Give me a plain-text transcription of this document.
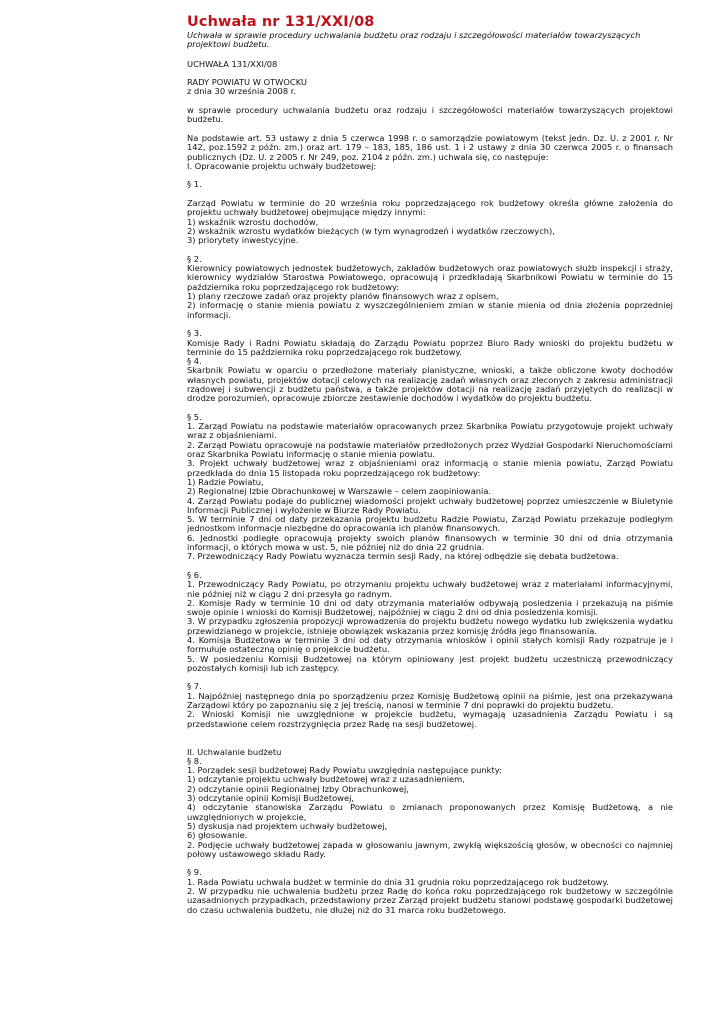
Uchwała nr 131/XXI/08

Uchwała w sprawie procedury uchwalania budżetu oraz rodzaju i szczegółowości materiałów towarzyszących projektowi budżetu.

UCHWAŁA 131/XXI/08

RADY POWIATU W OTWOCKU

z dnia 30 września 2008 r.

w sprawie procedury uchwalania budżetu oraz rodzaju i szczegółowości materiałów towarzyszących projektowi budżetu.

Na podstawie art. 53 ustawy z dnia 5 czerwca 1998 r. o samorządzie powiatowym (tekst jedn. Dz. U. z 2001 r. Nr 142, poz.1592 z późn. zm.) oraz art. 179 – 183, 185, 186 ust. 1 i 2 ustawy z dnia 30 czerwca 2005 r. o finansach publicznych (Dz. U. z 2005 r. Nr 249, poz. 2104 z późn. zm.) uchwala się, co następuje:

I. Opracowanie projektu uchwały budżetowej:

§ 1.

Zarząd Powiatu w terminie do 20 września roku poprzedzającego rok budżetowy określa główne założenia do projektu uchwały budżetowej obejmujące między innymi:

1) wskaźnik wzrostu dochodów,

2) wskaźnik wzrostu wydatków bieżących (w tym wynagrodzeń i wydatków rzeczowych),

3) priorytety inwestycyjne.

§ 2.

Kierownicy powiatowych jednostek budżetowych, zakładów budżetowych oraz powiatowych służb inspekcji i straży, kierownicy wydziałów Starostwa Powiatowego, opracowują i przedkładają Skarbnikowi Powiatu w terminie do 15 października roku poprzedzającego rok budżetowy:

1) plany rzeczowe zadań oraz projekty planów finansowych wraz z opisem,

2) informację o stanie mienia powiatu z wyszczególnieniem zmian w stanie mienia od dnia złożenia poprzedniej informacji.

§ 3.

Komisje Rady i Radni Powiatu składają do Zarządu Powiatu poprzez Biuro Rady wnioski do projektu budżetu w terminie do 15 października roku poprzedzającego rok budżetowy.

§ 4.

Skarbnik Powiatu w oparciu o przedłożone materiały planistyczne, wnioski, a także obliczone kwoty dochodów własnych powiatu, projektów dotacji celowych na realizację zadań własnych oraz zleconych z zakresu administracji rządowej i subwencji z budżetu państwa, a także projektów dotacji na realizację zadań przyjętych do realizacji w drodze porozumień, opracowuje zbiorcze zestawienie dochodów i wydatków do projektu budżetu.

§ 5.

1. Zarząd Powiatu na podstawie materiałów opracowanych przez Skarbnika Powiatu przygotowuje projekt uchwały wraz z objaśnieniami.

2. Zarząd Powiatu opracowuje na podstawie materiałów przedłożonych przez Wydział Gospodarki Nieruchomościami oraz Skarbnika Powiatu informację o stanie mienia powiatu.

3. Projekt uchwały budżetowej wraz z objaśnieniami oraz informacją o stanie mienia powiatu, Zarząd Powiatu przedkłada do dnia 15 listopada roku poprzedzającego rok budżetowy:

1) Radzie Powiatu,

2) Regionalnej Izbie Obrachunkowej w Warszawie – celem zaopiniowania.

4. Zarząd Powiatu podaje do publicznej wiadomości projekt uchwały budżetowej poprzez umieszczenie w Biuletynie Informacji Publicznej i wyłożenie w Biurze Rady Powiatu.

5. W terminie 7 dni od daty przekazania projektu budżetu Radzie Powiatu, Zarząd Powiatu przekazuje podległym jednostkom informacje niezbędne do opracowania ich planów finansowych.

6. Jednostki podległe opracowują projekty swoich planów finansowych w terminie 30 dni od dnia otrzymania informacji, o których mowa w ust. 5, nie później niż do dnia 22 grudnia.

7. Przewodniczący Rady Powiatu wyznacza termin sesji Rady, na której odbędzie się debata budżetowa.

§ 6.

1. Przewodniczący Rady Powiatu, po otrzymaniu projektu uchwały budżetowej wraz z materiałami informacyjnymi, nie później niż w ciągu 2 dni przesyła go radnym.

2. Komisje Rady w terminie 10 dni od daty otrzymania materiałów odbywają posiedzenia i przekazują na piśmie swoje opinie i wnioski do Komisji Budżetowej, najpóźniej w ciągu 2 dni od dnia posiedzenia komisji.

3. W przypadku zgłoszenia propozycji wprowadzenia do projektu budżetu nowego wydatku lub zwiększenia wydatku przewidzianego w projekcie, istnieje obowiązek wskazania przez komisję źródła jego finansowania.

4. Komisja Budżetowa w terminie 3 dni od daty otrzymania wniosków i opinii stałych komisji Rady rozpatruje je i formułuje ostateczną opinię o projekcie budżetu.

5. W posiedzeniu Komisji Budżetowej na którym opiniowany jest projekt budżetu uczestniczą przewodniczący pozostałych komisji lub ich zastępcy.

§ 7.

1. Najpóźniej następnego dnia po sporządzeniu przez Komisję Budżetową opinii na piśmie, jest ona przekazywana Zarządowi który po zapoznaniu się z jej treścią, nanosi w terminie 7 dni poprawki do projektu budżetu.

2. Wnioski Komisji nie uwzględnione w projekcie budżetu, wymagają uzasadnienia Zarządu Powiatu i są przedstawione celem rozstrzygnięcia przez Radę na sesji budżetowej.

II. Uchwalanie budżetu

§ 8.

1. Porządek sesji budżetowej Rady Powiatu uwzględnia następujące punkty:

1) odczytanie projektu uchwały budżetowej wraz z uzasadnieniem,

2) odczytanie opinii Regionalnej Izby Obrachunkowej,

3) odczytanie opinii Komisji Budżetowej,

4) odczytanie stanowiska Zarządu Powiatu o zmianach proponowanych przez Komisję Budżetową, a nie uwzględnionych w projekcie,

5) dyskusja nad projektem uchwały budżetowej,

6) głosowanie.

2. Podjęcie uchwały budżetowej zapada w głosowaniu jawnym, zwykłą większością głosów, w obecności co najmniej połowy ustawowego składu Rady.

§ 9.

1. Rada Powiatu uchwala budżet w terminie do dnia 31 grudnia roku poprzedzającego rok budżetowy.

2. W przypadku nie uchwalenia budżetu przez Radę do końca roku poprzedzającego rok budżetowy w szczególnie uzasadnionych przypadkach, przedstawiony przez Zarząd projekt budżetu stanowi podstawę gospodarki budżetowej do czasu uchwalenia budżetu, nie dłużej niż do 31 marca roku budżetowego.
